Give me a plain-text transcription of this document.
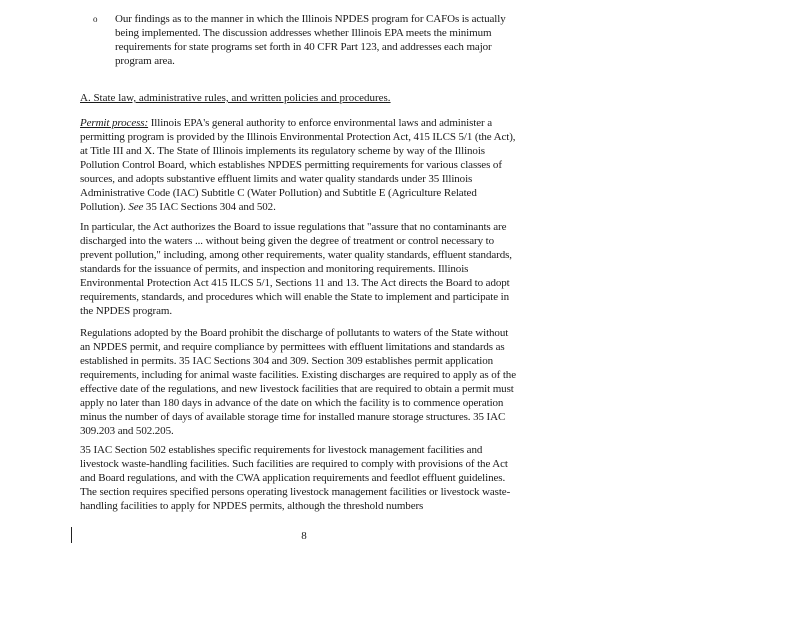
o	Our findings as to the manner in which the Illinois NPDES program for CAFOs is actually being implemented. The discussion addresses whether Illinois EPA meets the minimum requirements for state programs set forth in 40 CFR Part 123, and addresses each major program area.
A. State law, administrative rules, and written policies and procedures.
Permit process: Illinois EPA's general authority to enforce environmental laws and administer a permitting program is provided by the Illinois Environmental Protection Act, 415 ILCS 5/1 (the Act), at Title III and X. The State of Illinois implements its regulatory scheme by way of the Illinois Pollution Control Board, which establishes NPDES permitting requirements for various classes of sources, and adopts substantive effluent limits and water quality standards under 35 Illinois Administrative Code (IAC) Subtitle C (Water Pollution) and Subtitle E (Agriculture Related Pollution). See 35 IAC Sections 304 and 502.
In particular, the Act authorizes the Board to issue regulations that "assure that no contaminants are discharged into the waters ... without being given the degree of treatment or control necessary to prevent pollution," including, among other requirements, water quality standards, effluent standards, standards for the issuance of permits, and inspection and monitoring requirements. Illinois Environmental Protection Act 415 ILCS 5/1, Sections 11 and 13. The Act directs the Board to adopt requirements, standards, and procedures which will enable the State to implement and participate in the NPDES program.
Regulations adopted by the Board prohibit the discharge of pollutants to waters of the State without an NPDES permit, and require compliance by permittees with effluent limitations and standards as established in permits. 35 IAC Sections 304 and 309. Section 309 establishes permit application requirements, including for animal waste facilities. Existing discharges are required to apply as of the effective date of the regulations, and new livestock facilities that are required to obtain a permit must apply no later than 180 days in advance of the date on which the facility is to commence operation minus the number of days of available storage time for installed manure storage structures. 35 IAC 309.203 and 502.205.
35 IAC Section 502 establishes specific requirements for livestock management facilities and livestock waste-handling facilities. Such facilities are required to comply with provisions of the Act and Board regulations, and with the CWA application requirements and feedlot effluent guidelines. The section requires specified persons operating livestock management facilities or livestock waste-handling facilities to apply for NPDES permits, although the threshold numbers
8
